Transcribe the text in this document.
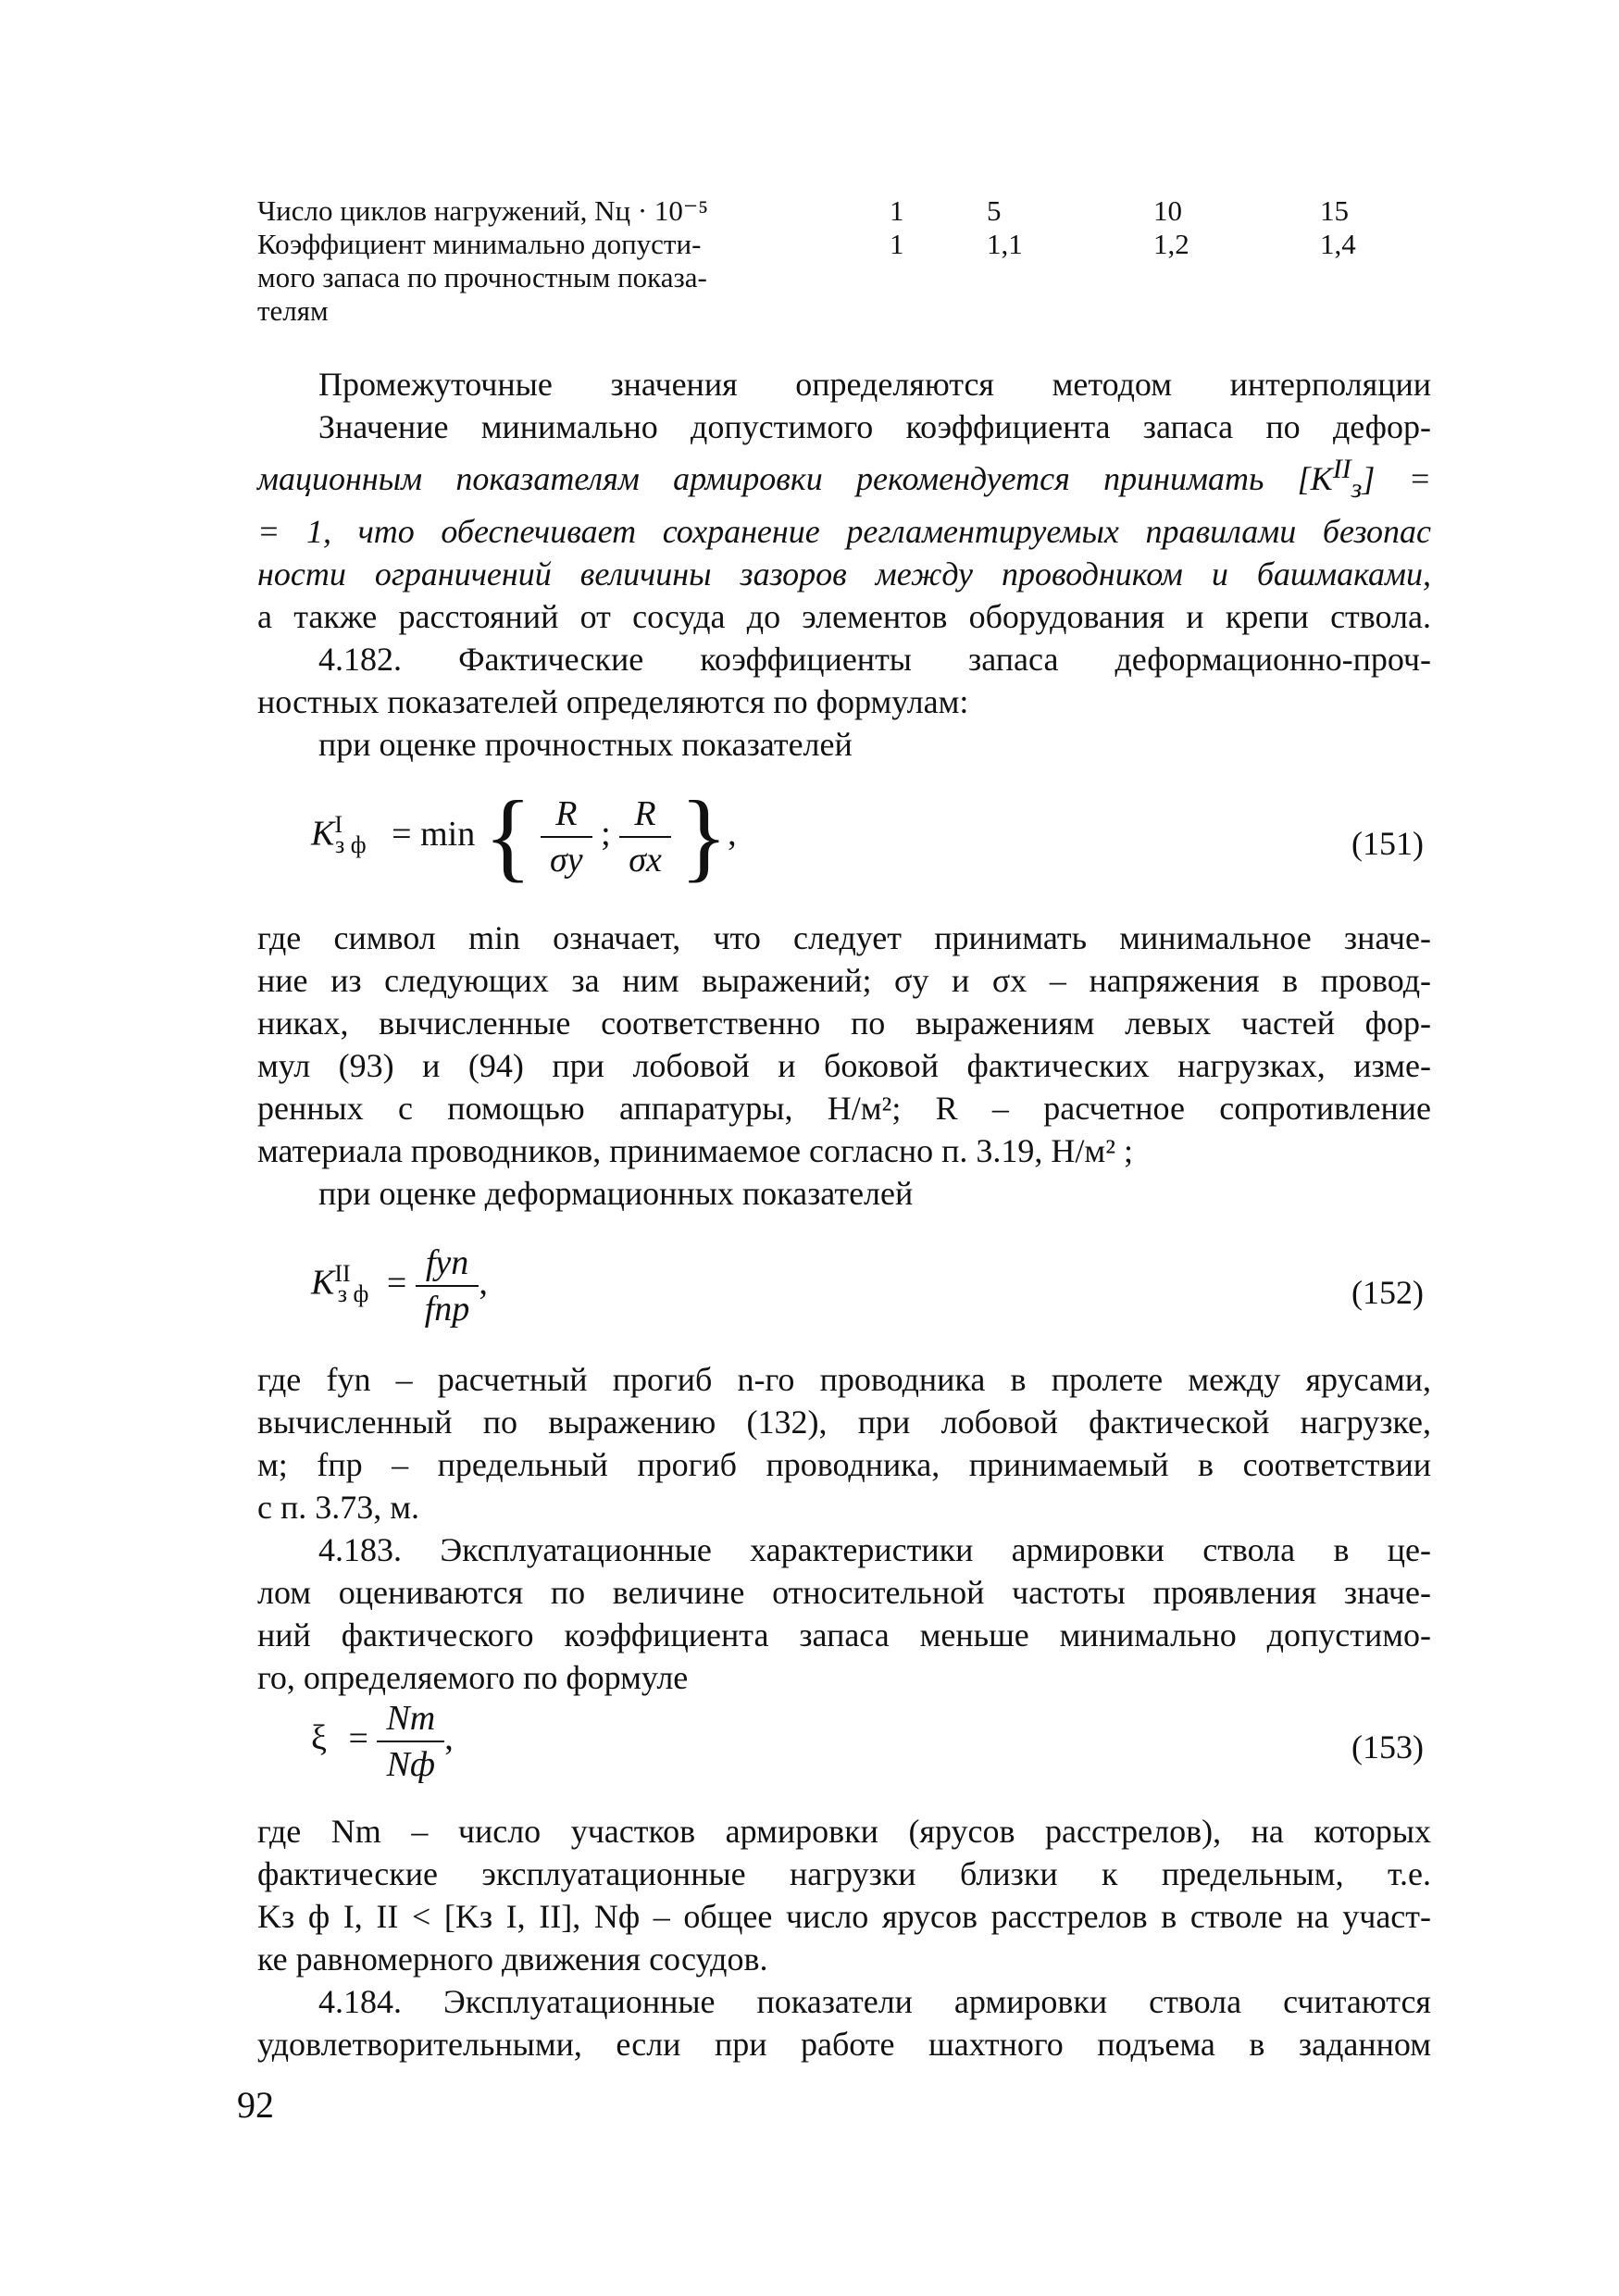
Число циклов нагружений, Nц · 10⁻⁵	1	5	10	15
Коэффициент минимально допусти-	1	1,1	1,2	1,4
мого запаса по прочностным показа-
телям

Промежуточные значения определяются методом интерполяции

Значение минимально допустимого коэффициента запаса по дефор-

мационным показателям армировки рекомендуется принимать $[K^{II}_з]$ =

= 1, что обеспечивает сохранение регламентируемых правилами безопас

ности ограничений величины зазоров между проводником и башмаками,

а также расстояний от сосуда до элементов оборудования и крепи ствола.

4.182. Фактические коэффициенты запаса деформационно-проч-

ностных показателей определяются по формулам:

при оценке прочностных показателей

$K^I_{з ф} = \min$ { $\frac{R}{\sigma y}$ ; $\frac{R}{\sigma x}$ },	(151)

где символ min означает, что следует принимать минимальное значе-

ние из следующих за ним выражений; σy и σx – напряжения в провод-

никах, вычисленные соответственно по выражениям левых частей фор-

мул (93) и (94) при лобовой и боковой фактических нагрузках, изме-

ренных с помощью аппаратуры, Н/м²; R – расчетное сопротивление

материала проводников, принимаемое согласно п. 3.19, Н/м² ;

при оценке деформационных показателей

$K^{II}_{з ф} = \frac{\text{fyn}}{\text{fпр}}$ ,	(152)

где fyn – расчетный прогиб n-го проводника в пролете между ярусами,

вычисленный по выражению (132), при лобовой фактической нагрузке,

м; fпр – предельный прогиб проводника, принимаемый в соответствии

с п. 3.73, м.

4.183. Эксплуатационные характеристики армировки ствола в це-

лом оцениваются по величине относительной частоты проявления значе-

ний фактического коэффициента запаса меньше минимально допустимо-

го, определяемого по формуле

$\xi = \frac{Nm}{Nф}$ ,	(153)

где Nm – число участков армировки (ярусов расстрелов), на которых

фактические эксплуатационные нагрузки близки к предельным, т.е.

Kз ф I, II < [Kз I, II], Nф – общее число ярусов расстрелов в стволе на участ-

ке равномерного движения сосудов.

4.184. Эксплуатационные показатели армировки ствола считаются

удовлетворительными, если при работе шахтного подъема в заданном

92
